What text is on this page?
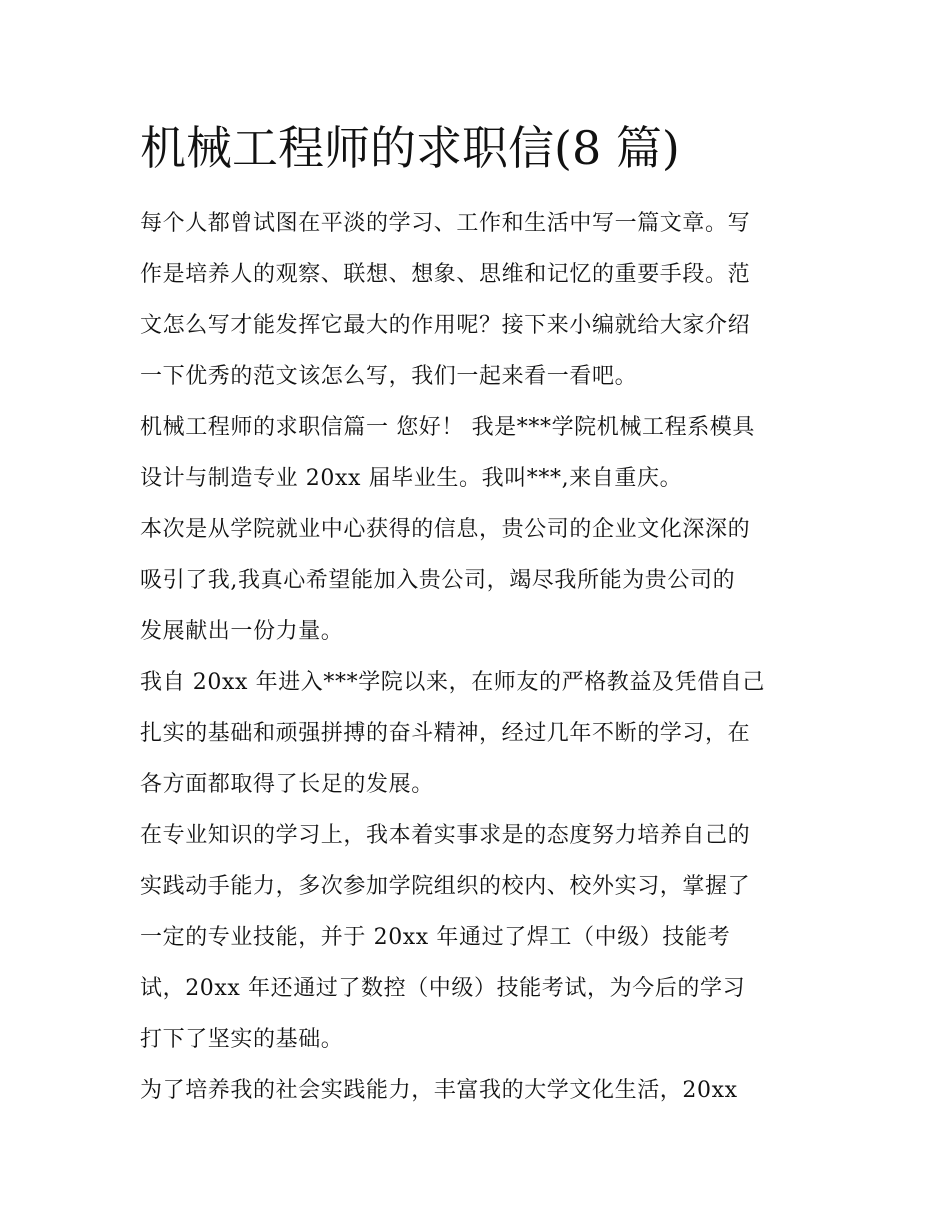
机械工程师的求职信(8 篇)
每个人都曾试图在平淡的学习、工作和生活中写一篇文章。写
作是培养人的观察、联想、想象、思维和记忆的重要手段。范
文怎么写才能发挥它最大的作用呢？接下来小编就给大家介绍
一下优秀的范文该怎么写，我们一起来看一看吧。
机械工程师的求职信篇一 您好！ 我是***学院机械工程系模具
设计与制造专业 20xx 届毕业生。我叫***,来自重庆。
本次是从学院就业中心获得的信息，贵公司的企业文化深深的
吸引了我,我真心希望能加入贵公司，竭尽我所能为贵公司的
发展献出一份力量。
我自 20xx 年进入***学院以来，在师友的严格教益及凭借自己
扎实的基础和顽强拼搏的奋斗精神，经过几年不断的学习，在
各方面都取得了长足的发展。
在专业知识的学习上，我本着实事求是的态度努力培养自己的
实践动手能力，多次参加学院组织的校内、校外实习，掌握了
一定的专业技能，并于 20xx 年通过了焊工（中级）技能考
试，20xx 年还通过了数控（中级）技能考试，为今后的学习
打下了坚实的基础。
为了培养我的社会实践能力，丰富我的大学文化生活，20xx
